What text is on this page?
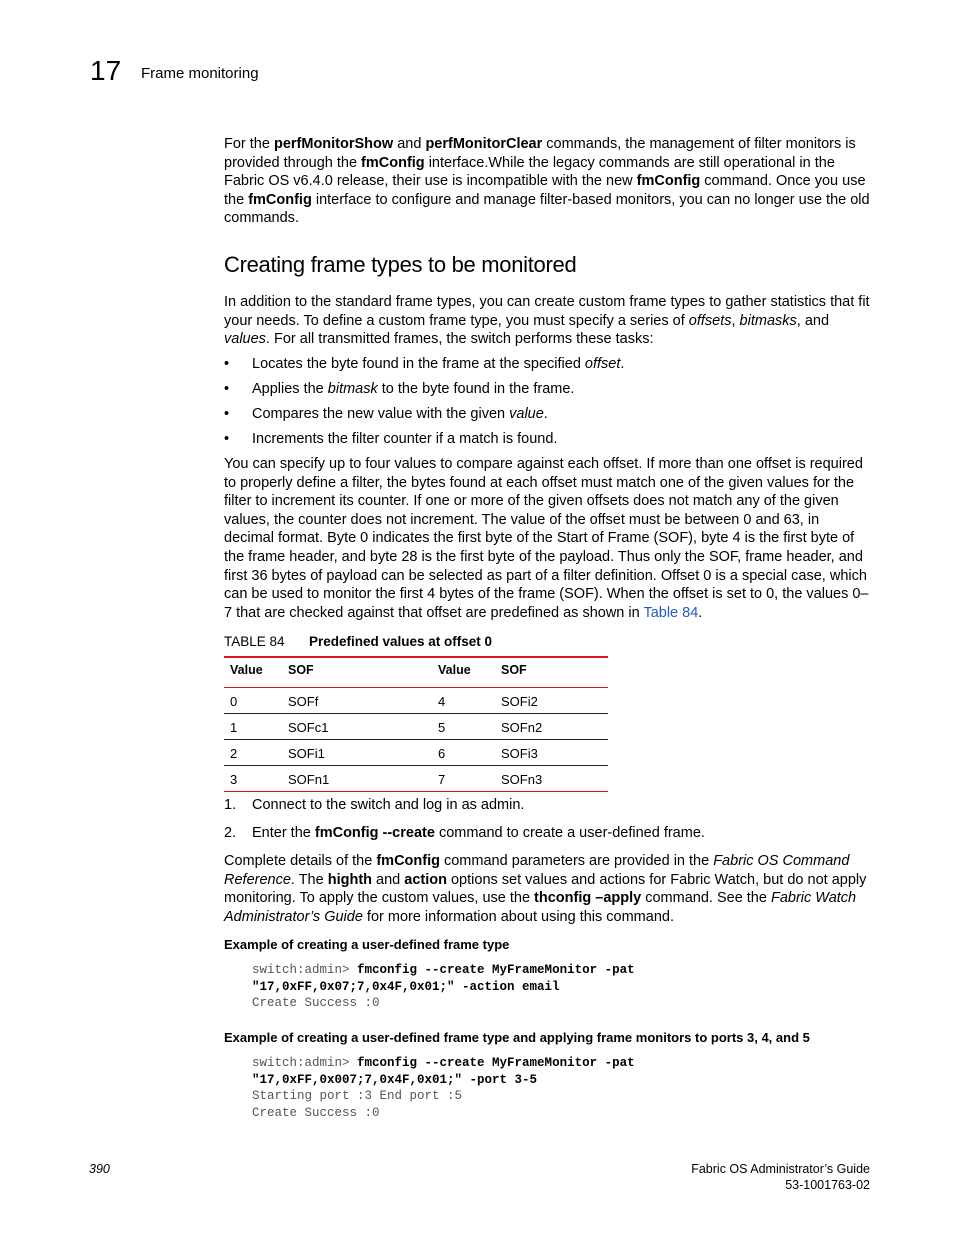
17 Frame monitoring
For the perfMonitorShow and perfMonitorClear commands, the management of filter monitors is provided through the fmConfig interface.While the legacy commands are still operational in the Fabric OS v6.4.0 release, their use is incompatible with the new fmConfig command. Once you use the fmConfig interface to configure and manage filter-based monitors, you can no longer use the old commands.
Creating frame types to be monitored
In addition to the standard frame types, you can create custom frame types to gather statistics that fit your needs. To define a custom frame type, you must specify a series of offsets, bitmasks, and values. For all transmitted frames, the switch performs these tasks:
• Locates the byte found in the frame at the specified offset.
• Applies the bitmask to the byte found in the frame.
• Compares the new value with the given value.
• Increments the filter counter if a match is found.
You can specify up to four values to compare against each offset. If more than one offset is required to properly define a filter, the bytes found at each offset must match one of the given values for the filter to increment its counter. If one or more of the given offsets does not match any of the given values, the counter does not increment. The value of the offset must be between 0 and 63, in decimal format. Byte 0 indicates the first byte of the Start of Frame (SOF), byte 4 is the first byte of the frame header, and byte 28 is the first byte of the payload. Thus only the SOF, frame header, and first 36 bytes of payload can be selected as part of a filter definition. Offset 0 is a special case, which can be used to monitor the first 4 bytes of the frame (SOF). When the offset is set to 0, the values 0–7 that are checked against that offset are predefined as shown in Table 84.
TABLE 84 Predefined values at offset 0
Value SOF	Value SOF
0	SOFf	4	SOFi2
1	SOFc1	5	SOFn2
2	SOFi1	6	SOFi3
3	SOFn1	7	SOFn3
1. Connect to the switch and log in as admin.
2. Enter the fmConfig --create command to create a user-defined frame.
Complete details of the fmConfig command parameters are provided in the Fabric OS Command Reference. The highth and action options set values and actions for Fabric Watch, but do not apply monitoring. To apply the custom values, use the thconfig –apply command. See the Fabric Watch Administrator’s Guide for more information about using this command.
Example of creating a user-defined frame type
switch:admin> fmconfig --create MyFrameMonitor -pat
"17,0xFF,0x07;7,0x4F,0x01;" -action email
Create Success :0
Example of creating a user-defined frame type and applying frame monitors to ports 3, 4, and 5
switch:admin> fmconfig --create MyFrameMonitor -pat
"17,0xFF,0x007;7,0x4F,0x01;" -port 3-5
Starting port :3 End port :5
Create Success :0
390	Fabric OS Administrator’s Guide
53-1001763-02
